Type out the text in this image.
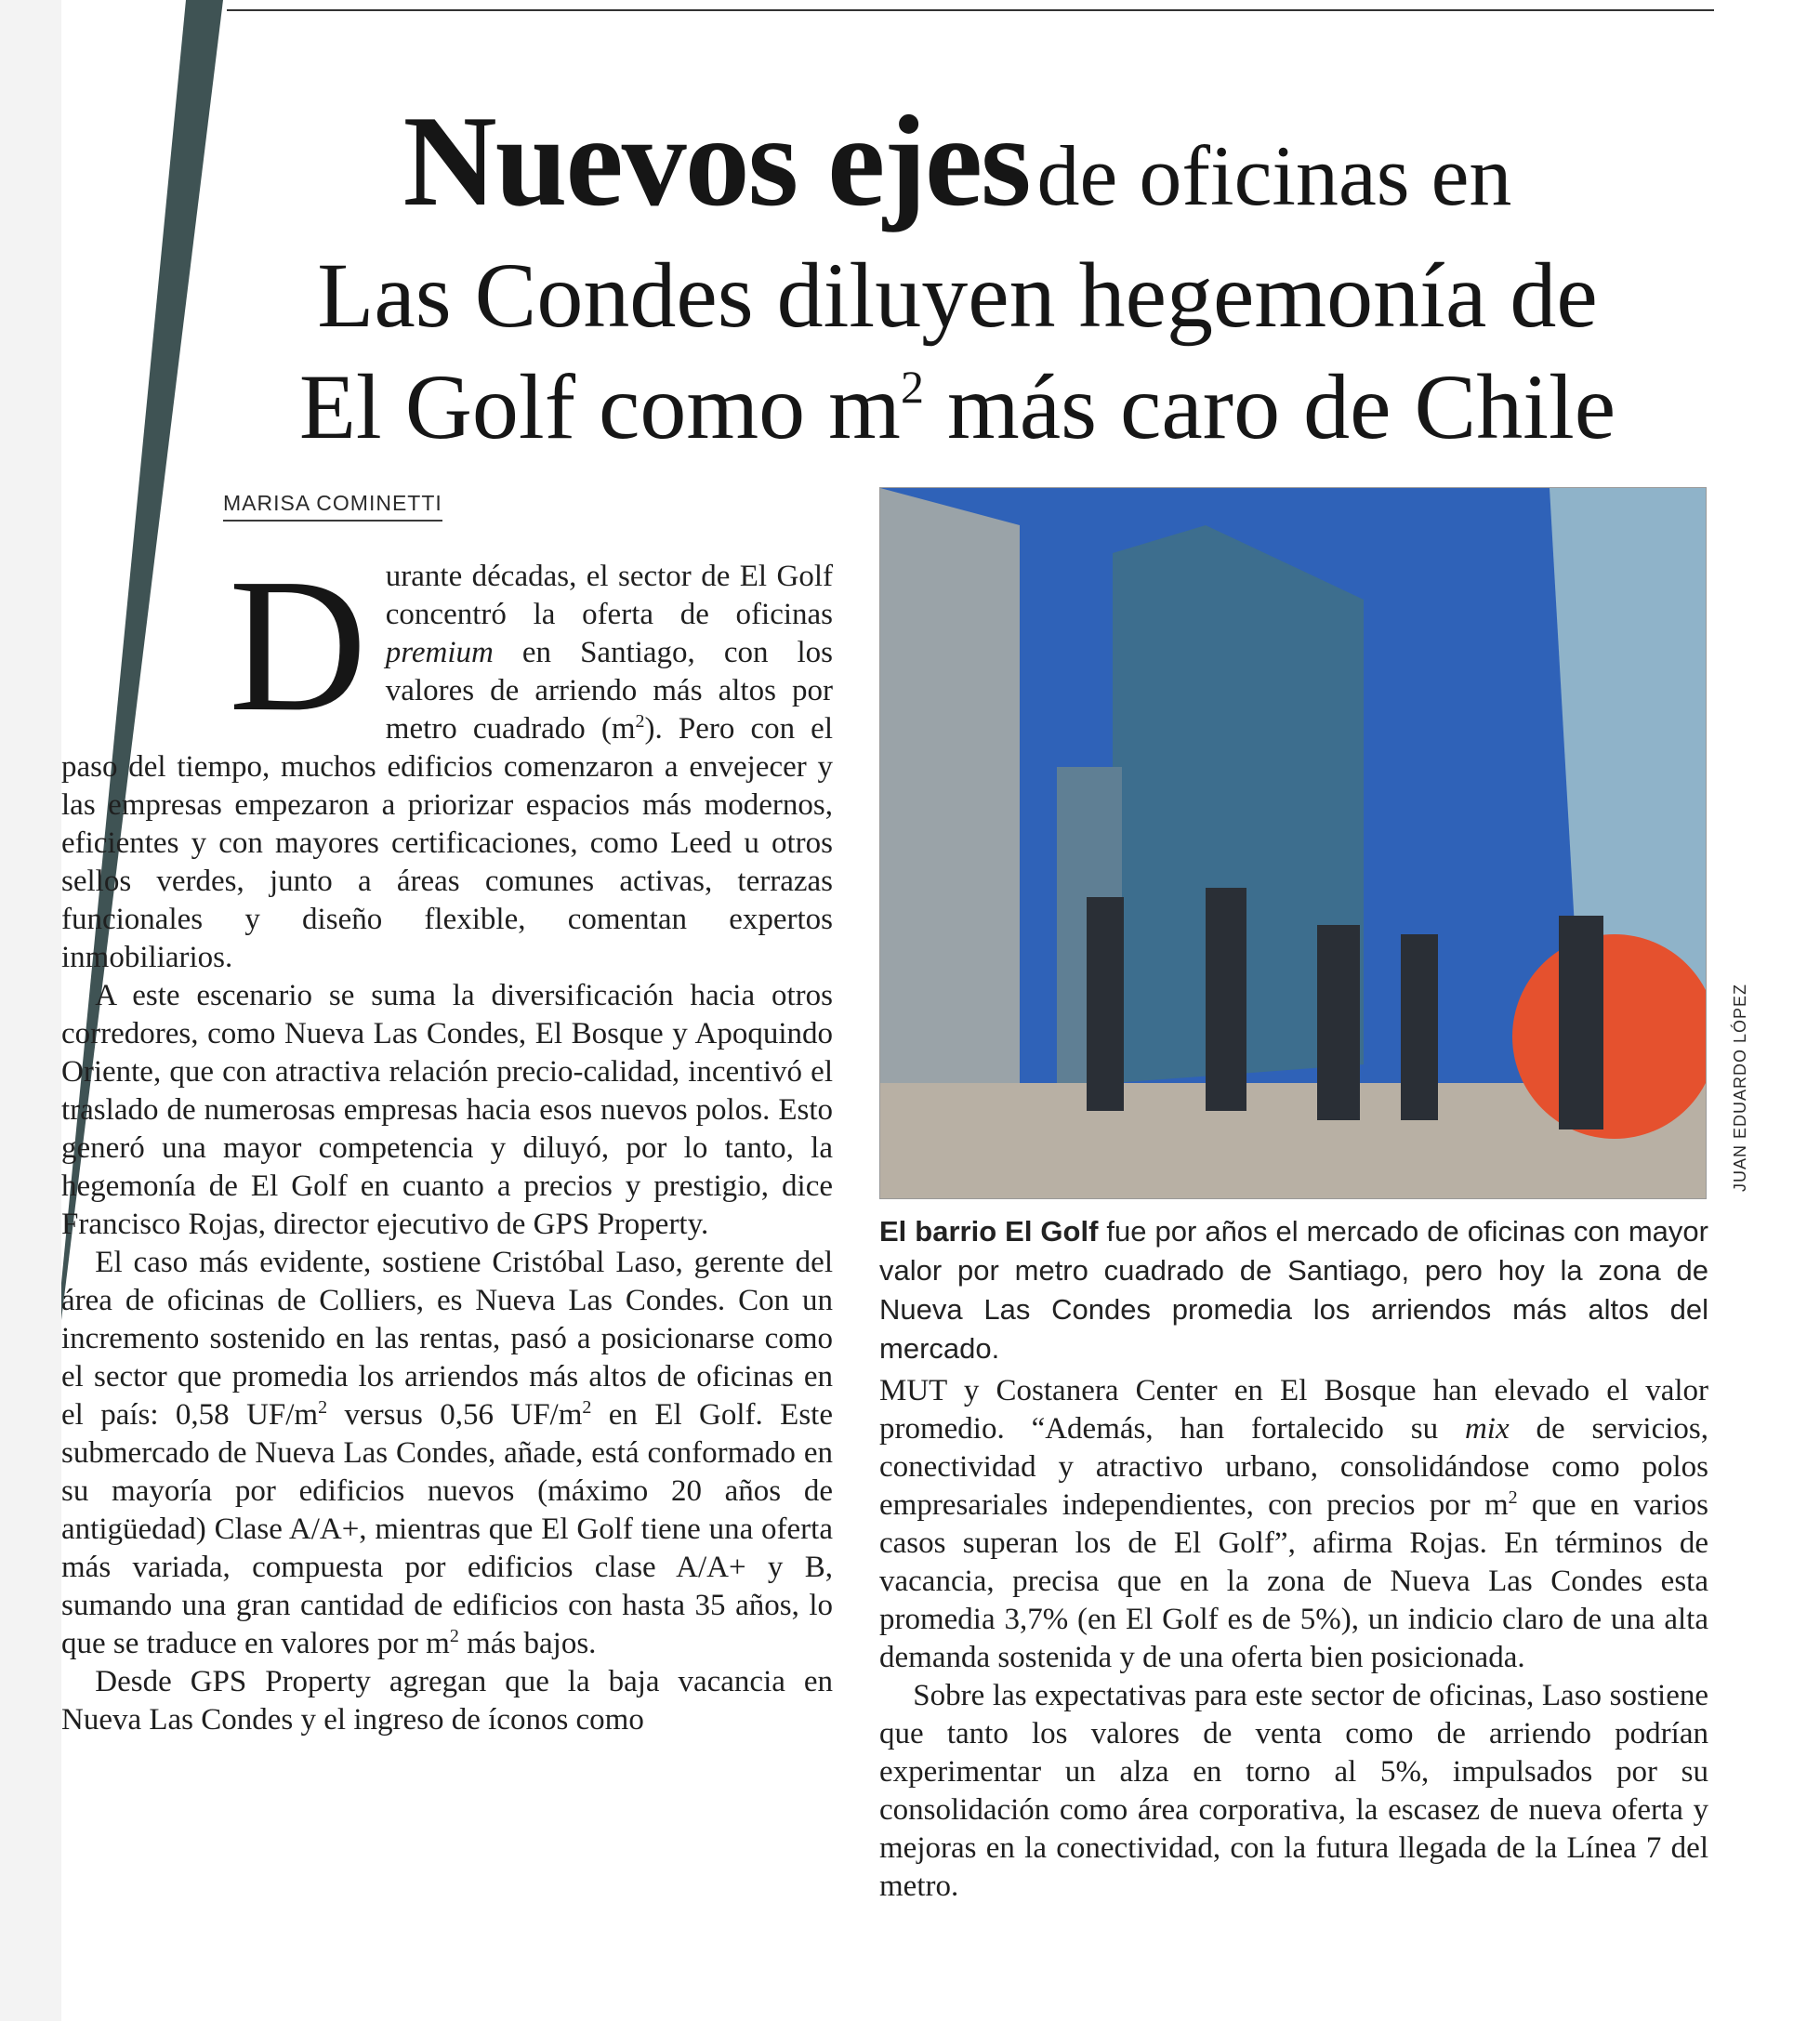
Nuevos ejes de oficinas en
Las Condes diluyen hegemonía de
El Golf como $m^2$ más caro de Chile

MARISA COMINETTI

Durante décadas, el sector de El Golf concentró la oferta de oficinas premium en Santiago, con los valores de arriendo más altos por metro cuadrado $(m^2)$. Pero con el paso del tiempo, muchos edificios comenzaron a envejecer y las empresas empezaron a priorizar espacios más modernos, eficientes y con mayores certificaciones, como Leed u otros sellos verdes, junto a áreas comunes activas, terrazas funcionales y diseño flexible, comentan expertos inmobiliarios.

A este escenario se suma la diversificación hacia otros corredores, como Nueva Las Condes, El Bosque y Apoquindo Oriente, que con atractiva relación precio-calidad, incentivó el traslado de numerosas empresas hacia esos nuevos polos. Esto generó una mayor competencia y diluyó, por lo tanto, la hegemonía de El Golf en cuanto a precios y prestigio, dice Francisco Rojas, director ejecutivo de GPS Property.

El caso más evidente, sostiene Cristóbal Laso, gerente del área de oficinas de Colliers, es Nueva Las Condes. Con un incremento sostenido en las rentas, pasó a posicionarse como el sector que promedia los arriendos más altos de oficinas en el país: 0,58 $UF/m^2$ versus 0,56 $UF/m^2$ en El Golf. Este submercado de Nueva Las Condes, añade, está conformado en su mayoría por edificios nuevos (máximo 20 años de antigüedad) Clase A/A+, mientras que El Golf tiene una oferta más variada, compuesta por edificios clase A/A+ y B, sumando una gran cantidad de edificios con hasta 35 años, lo que se traduce en valores por $m^2$ más bajos.

Desde GPS Property agregan que la baja vacancia en Nueva Las Condes y el ingreso de íconos como

JUAN EDUARDO LÓPEZ

El barrio El Golf fue por años el mercado de oficinas con mayor valor por metro cuadrado de Santiago, pero hoy la zona de Nueva Las Condes promedia los arriendos más altos del mercado.

MUT y Costanera Center en El Bosque han elevado el valor promedio. “Además, han fortalecido su mix de servicios, conectividad y atractivo urbano, consolidándose como polos empresariales independientes, con precios por $m^2$ que en varios casos superan los de El Golf”, afirma Rojas. En términos de vacancia, precisa que en la zona de Nueva Las Condes esta promedia 3,7% (en El Golf es de 5%), un indicio claro de una alta demanda sostenida y de una oferta bien posicionada.

Sobre las expectativas para este sector de oficinas, Laso sostiene que tanto los valores de venta como de arriendo podrían experimentar un alza en torno al 5%, impulsados por su consolidación como área corporativa, la escasez de nueva oferta y mejoras en la conectividad, con la futura llegada de la Línea 7 del metro.
